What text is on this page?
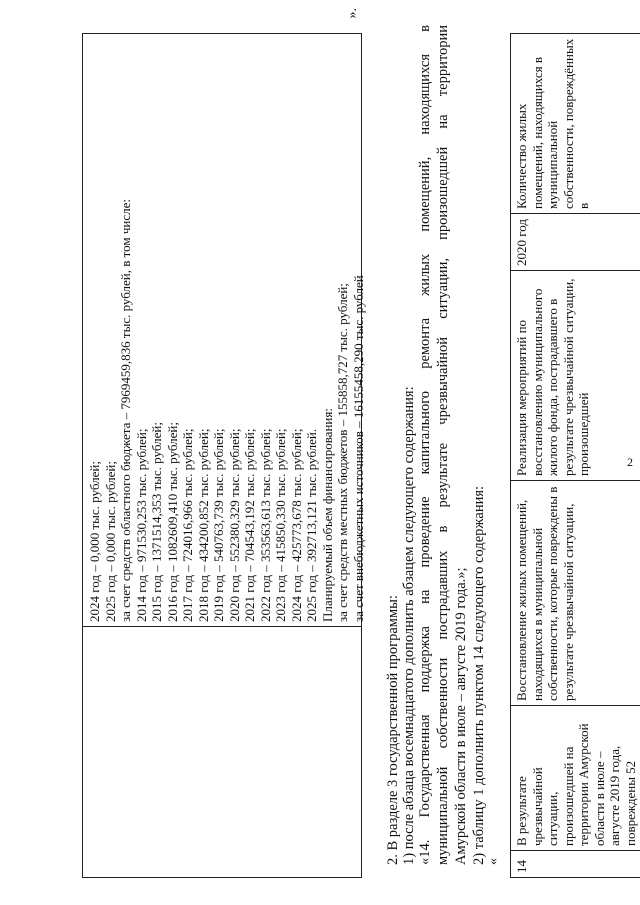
2
2024 год – 0,000 тыс. рублей; 2025 год – 0,000 тыс. рублей; за счет средств областного бюджета – 7969459,836 тыс. рублей, в том числе: 2014 год – 971530,253 тыс. рублей; 2015 год – 1371514,353 тыс. рублей; 2016 год – 1082609,410 тыс. рублей; 2017 год – 724016,966 тыс. рублей; 2018 год – 434200,852 тыс. рублей; 2019 год – 540763,739 тыс. рублей; 2020 год – 552380,329 тыс. рублей; 2021 год – 704543,192 тыс. рублей; 2022 год – 353563,613 тыс. рублей; 2023 год – 415850,330 тыс. рублей; 2024 год – 425773,678 тыс. рублей; 2025 год – 392713,121 тыс. рублей. Планируемый объем финансирования: за счет средств местных бюджетов – 155858,727 тыс. рублей; за счет внебюджетных источников – 16155458,290 тыс. рублей
».
2. В разделе 3 государственной программы: 1) после абзаца восемнадцатого дополнить абзацем следующего содержания: «14. Государственная поддержка на проведение капитального ремонта жилых помещений, находящихся в муниципальной собственности пострадавших в результате чрезвычайной ситуации, произошедшей на территории Амурской области в июле – августе 2019 года.»; 2) таблицу 1 дополнить пунктом 14 следующего содержания: « 14
В результате чрезвычайной ситуации, произошедшей на территории Амурской области в июле – августе 2019 года, повреждены 52
Восстановление жилых помещений, находящихся в муниципальной собственности, которые повреждены в результате чрезвычайной ситуации,
Реализация мероприятий по восстановлению муниципального жилого фонда, пострадавшего в результате чрезвычайной ситуации, произошедшей
2020 год
Количество жилых помещений, находящихся в муниципальной собственности, повреждённых в
